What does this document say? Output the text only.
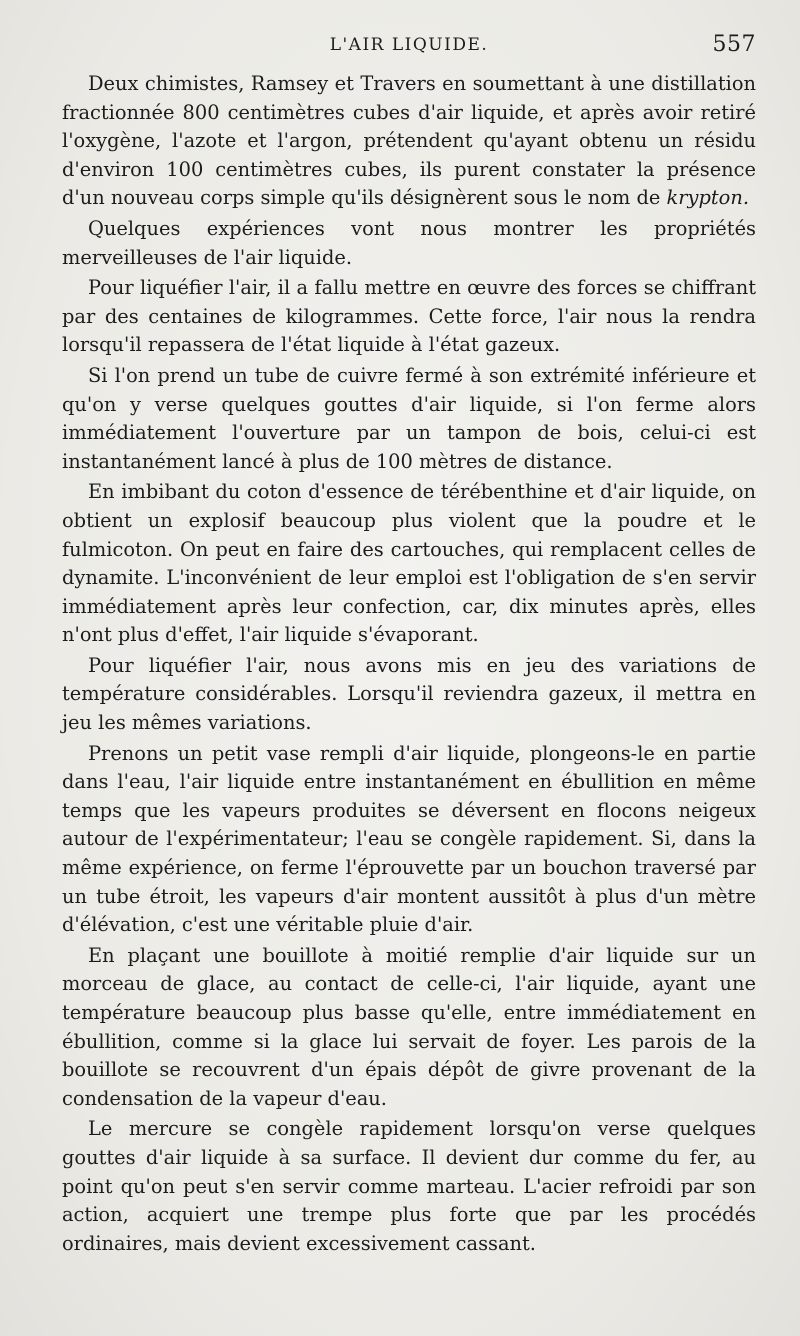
L'AIR LIQUIDE.	557

Deux chimistes, Ramsey et Travers en soumettant à une distillation fractionnée 800 centimètres cubes d'air liquide, et après avoir retiré l'oxygène, l'azote et l'argon, prétendent qu'ayant obtenu un résidu d'environ 100 centimètres cubes, ils purent constater la présence d'un nouveau corps simple qu'ils désignèrent sous le nom de krypton.

Quelques expériences vont nous montrer les propriétés merveilleuses de l'air liquide.

Pour liquéfier l'air, il a fallu mettre en œuvre des forces se chiffrant par des centaines de kilogrammes. Cette force, l'air nous la rendra lorsqu'il repassera de l'état liquide à l'état gazeux.

Si l'on prend un tube de cuivre fermé à son extrémité inférieure et qu'on y verse quelques gouttes d'air liquide, si l'on ferme alors immédiatement l'ouverture par un tampon de bois, celui-ci est instantanément lancé à plus de 100 mètres de distance.

En imbibant du coton d'essence de térébenthine et d'air liquide, on obtient un explosif beaucoup plus violent que la poudre et le fulmicoton. On peut en faire des cartouches, qui remplacent celles de dynamite. L'inconvénient de leur emploi est l'obligation de s'en servir immédiatement après leur confection, car, dix minutes après, elles n'ont plus d'effet, l'air liquide s'évaporant.

Pour liquéfier l'air, nous avons mis en jeu des variations de température considérables. Lorsqu'il reviendra gazeux, il mettra en jeu les mêmes variations.

Prenons un petit vase rempli d'air liquide, plongeons-le en partie dans l'eau, l'air liquide entre instantanément en ébullition en même temps que les vapeurs produites se déversent en flocons neigeux autour de l'expérimentateur; l'eau se congèle rapidement. Si, dans la même expérience, on ferme l'éprouvette par un bouchon traversé par un tube étroit, les vapeurs d'air montent aussitôt à plus d'un mètre d'élévation, c'est une véritable pluie d'air.

En plaçant une bouillote à moitié remplie d'air liquide sur un morceau de glace, au contact de celle-ci, l'air liquide, ayant une température beaucoup plus basse qu'elle, entre immédiatement en ébullition, comme si la glace lui servait de foyer. Les parois de la bouillote se recouvrent d'un épais dépôt de givre provenant de la condensation de la vapeur d'eau.

Le mercure se congèle rapidement lorsqu'on verse quelques gouttes d'air liquide à sa surface. Il devient dur comme du fer, au point qu'on peut s'en servir comme marteau. L'acier refroidi par son action, acquiert une trempe plus forte que par les procédés ordinaires, mais devient excessivement cassant.
